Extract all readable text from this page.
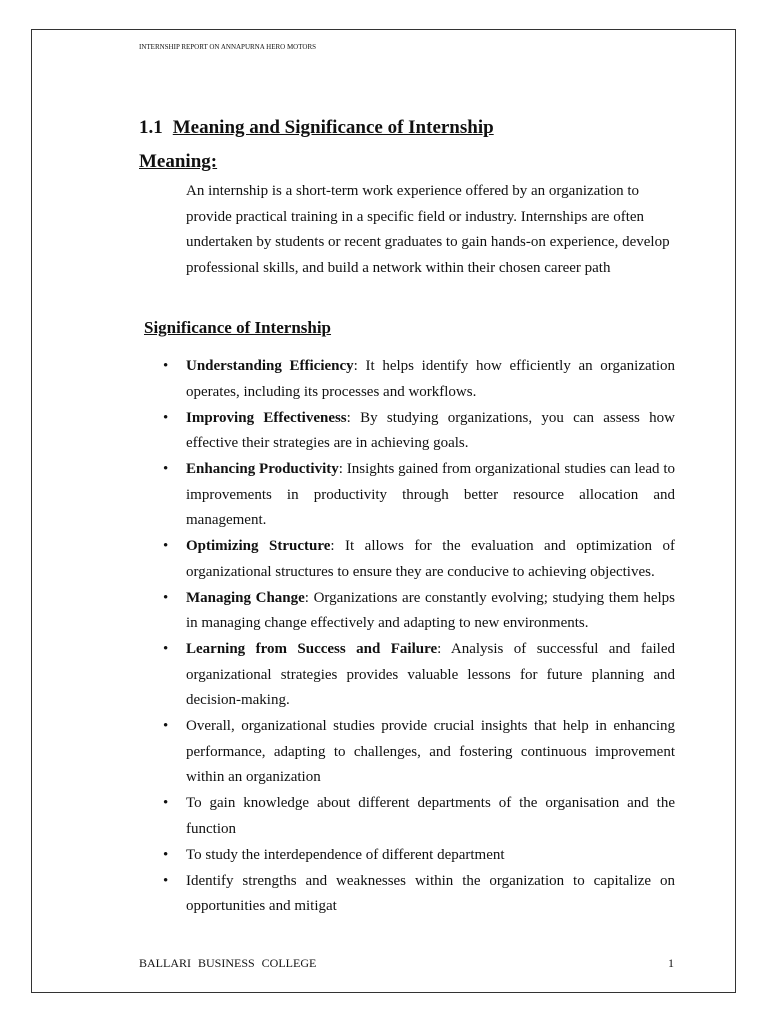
INTERNSHIP REPORT ON ANNAPURNA HERO MOTORS
1.1 Meaning and Significance of Internship
Meaning:

An internship is a short-term work experience offered by an organization to provide practical training in a specific field or industry. Internships are often undertaken by students or recent graduates to gain hands-on experience, develop professional skills, and build a network within their chosen career path

Significance of Internship
• Understanding Efficiency: It helps identify how efficiently an organization operates, including its processes and workflows.
• Improving Effectiveness: By studying organizations, you can assess how effective their strategies are in achieving goals.
• Enhancing Productivity: Insights gained from organizational studies can lead to improvements in productivity through better resource allocation and management.
• Optimizing Structure: It allows for the evaluation and optimization of organizational structures to ensure they are conducive to achieving objectives.
• Managing Change: Organizations are constantly evolving; studying them helps in managing change effectively and adapting to new environments.
• Learning from Success and Failure: Analysis of successful and failed organizational strategies provides valuable lessons for future planning and decision-making.
• Overall, organizational studies provide crucial insights that help in enhancing performance, adapting to challenges, and fostering continuous improvement within an organization
• To gain knowledge about different departments of the organisation and the function
• To study the interdependence of different department
• Identify strengths and weaknesses within the organization to capitalize on opportunities and mitigat
BALLARI BUSINESS COLLEGE	1
